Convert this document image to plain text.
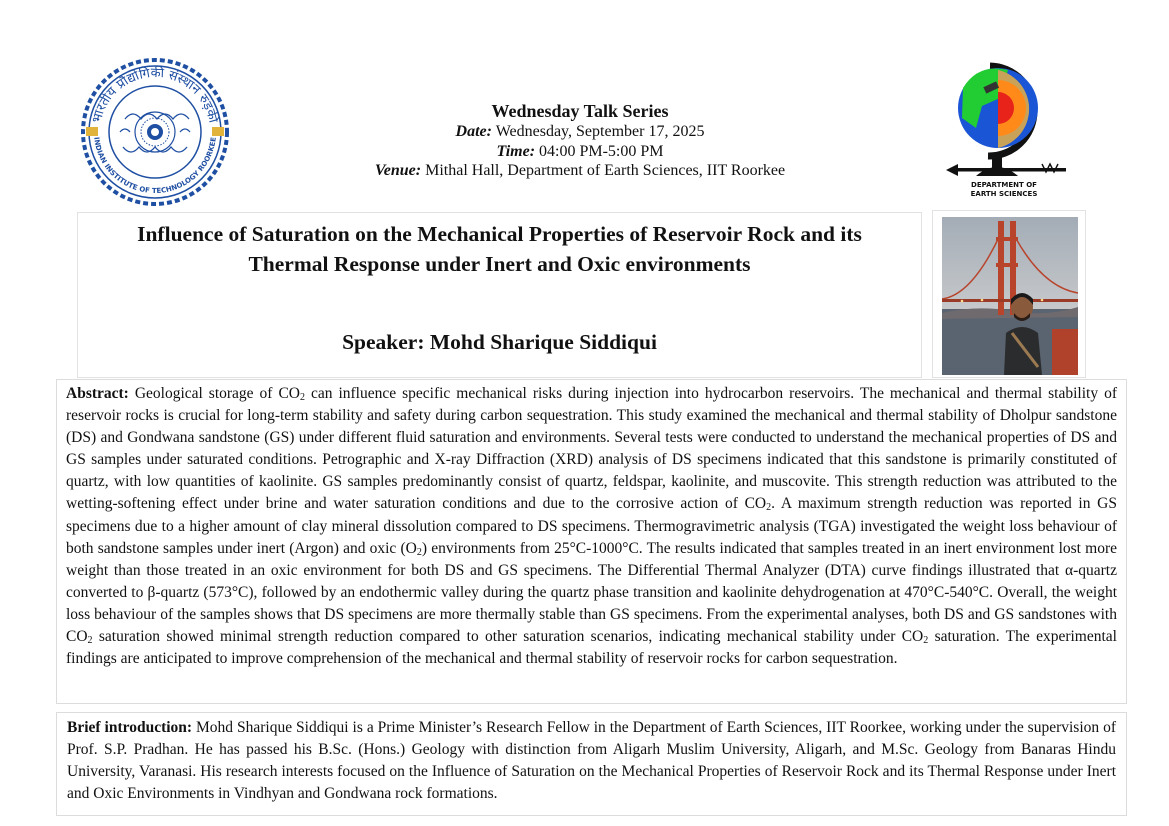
भारतीय प्रौद्योगिकी संस्थान रुड़की
INDIAN INSTITUTE OF TECHNOLOGY ROORKEE
Wednesday Talk Series
Date: Wednesday, September 17, 2025
Time: 04:00 PM-5:00 PM
Venue: Mithal Hall, Department of Earth Sciences, IIT Roorkee
DEPARTMENT OF
EARTH SCIENCES
Influence of Saturation on the Mechanical Properties of Reservoir Rock and its
Thermal Response under Inert and Oxic environments
Speaker: Mohd Sharique Siddiqui

Abstract: Geological storage of $CO_2$ can influence specific mechanical risks during injection into hydrocarbon reservoirs. The mechanical and thermal stability of reservoir rocks is crucial for long-term stability and safety during carbon sequestration. This study examined the mechanical and thermal stability of Dholpur sandstone (DS) and Gondwana sandstone (GS) under different fluid saturation and environments. Several tests were conducted to understand the mechanical properties of DS and GS samples under saturated conditions. Petrographic and X-ray Diffraction (XRD) analysis of DS specimens indicated that this sandstone is primarily constituted of quartz, with low quantities of kaolinite. GS samples predominantly consist of quartz, feldspar, kaolinite, and muscovite. This strength reduction was attributed to the wetting-softening effect under brine and water saturation conditions and due to the corrosive action of $CO_2$. A maximum strength reduction was reported in GS specimens due to a higher amount of clay mineral dissolution compared to DS specimens. Thermogravimetric analysis (TGA) investigated the weight loss behaviour of both sandstone samples under inert (Argon) and oxic $(O_2)$ environments from 25°C-1000°C. The results indicated that samples treated in an inert environment lost more weight than those treated in an oxic environment for both DS and GS specimens. The Differential Thermal Analyzer (DTA) curve findings illustrated that α-quartz converted to β-quartz (573°C), followed by an endothermic valley during the quartz phase transition and kaolinite dehydrogenation at 470°C-540°C. Overall, the weight loss behaviour of the samples shows that DS specimens are more thermally stable than GS specimens. From the experimental analyses, both DS and GS sandstones with $CO_2$ saturation showed minimal strength reduction compared to other saturation scenarios, indicating mechanical stability under $CO_2$ saturation. The experimental findings are anticipated to improve comprehension of the mechanical and thermal stability of reservoir rocks for carbon sequestration.

Brief introduction: Mohd Sharique Siddiqui is a Prime Minister’s Research Fellow in the Department of Earth Sciences, IIT Roorkee, working under the supervision of Prof. S.P. Pradhan. He has passed his B.Sc. (Hons.) Geology with distinction from Aligarh Muslim University, Aligarh, and M.Sc. Geology from Banaras Hindu University, Varanasi. His research interests focused on the Influence of Saturation on the Mechanical Properties of Reservoir Rock and its Thermal Response under Inert and Oxic Environments in Vindhyan and Gondwana rock formations.
